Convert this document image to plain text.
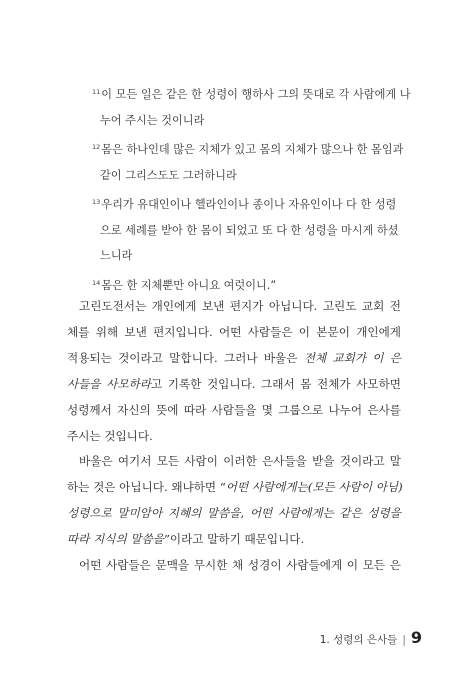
$^{11}$이 모든 일은 같은 한 성령이 행하사 그의 뜻대로 각 사람에게 나
누어 주시는 것이니라
$^{12}$몸은 하나인데 많은 지체가 있고 몸의 지체가 많으나 한 몸임과
같이 그리스도도 그러하니라
$^{13}$우리가 유대인이나 헬라인이나 종이나 자유인이나 다 한 성령
으로 세례를 받아 한 몸이 되었고 또 다 한 성령을 마시게 하셨
느니라
$^{14}$몸은 한 지체뿐만 아니요 여럿이니.”
고린도전서는 개인에게 보낸 편지가 아닙니다. 고린도 교회 전
체를 위해 보낸 편지입니다. 어떤 사람들은 이 본문이 개인에게
적용되는 것이라고 말합니다. 그러나 바울은 전체 교회가 이 은
사들을 사모하라고 기록한 것입니다. 그래서 몸 전체가 사모하면
성령께서 자신의 뜻에 따라 사람들을 몇 그룹으로 나누어 은사를
주시는 것입니다.
바울은 여기서 모든 사람이 이러한 은사들을 받을 것이라고 말
하는 것은 아닙니다. 왜냐하면 “어떤 사람에게는(모든 사람이 아님)
성령으로 말미암아 지혜의 말씀을, 어떤 사람에게는 같은 성령을
따라 지식의 말씀을”이라고 말하기 때문입니다.
어떤 사람들은 문맥을 무시한 채 성경이 사람들에게 이 모든 은
1. 성령의 은사들 | 9
